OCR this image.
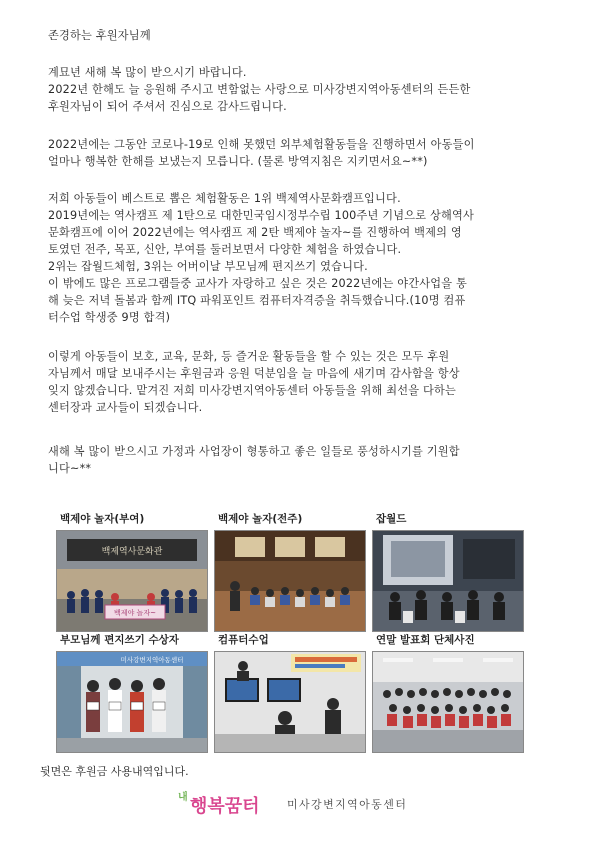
존경하는 후원자님께
계묘년 새해 복 많이 받으시기 바랍니다.
2022년 한해도 늘 응원해 주시고 변함없는 사랑으로 미사강변지역아동센터의 든든한
후원자님이 되어 주셔서 진심으로 감사드립니다.
2022년에는 그동안 코로나-19로 인해 못했던 외부체험활동들을 진행하면서 아동들이
얼마나 행복한 한해를 보냈는지 모릅니다. (물론 방역지침은 지키면서요~**)
저희 아동들이 베스트로 뽑은 체험활동은 1위 백제역사문화캠프입니다.
2019년에는 역사캠프 제 1탄으로 대한민국임시정부수립 100주년 기념으로 상해역사
문화캠프에 이어 2022년에는 역사캠프 제 2탄 백제야 놀자~를 진행하여 백제의 영
토였던 전주, 목포, 신안, 부여를 둘러보면서 다양한 체험을 하였습니다.
2위는 잡월드체험, 3위는 어버이날 부모님께 편지쓰기 였습니다.
이 밖에도 많은 프로그램들중 교사가 자랑하고 싶은 것은 2022년에는 야간사업을 통
해 늦은 저녁 돌봄과 함께 ITQ 파워포인트 컴퓨터자격증을 취득했습니다.(10명 컴퓨
터수업 학생중 9명 합격)
이렇게 아동들이 보호, 교육, 문화, 등 즐거운 활동들을 할 수 있는 것은 모두 후원
자님께서 매달 보내주시는 후원금과 응원 덕분임을 늘 마음에 새기며 감사함을 항상
잊지 않겠습니다. 맡겨진 저희 미사강변지역아동센터 아동들을 위해 최선을 다하는
센터장과 교사들이 되겠습니다.
새해 복 많이 받으시고 가정과 사업장이 형통하고 좋은 일들로 풍성하시기를 기원합
니다~**
백제야 놀자(부여)	백제야 놀자(전주)	잡월드
부모님께 편지쓰기 수상자	컴퓨터수업	연말 발표회 단체사진
백제역사문화관
백제야 놀자~
미사강변지역아동센터
뒷면은 후원금 사용내역입니다.
내 행복꿈터 미사강변지역아동센터
